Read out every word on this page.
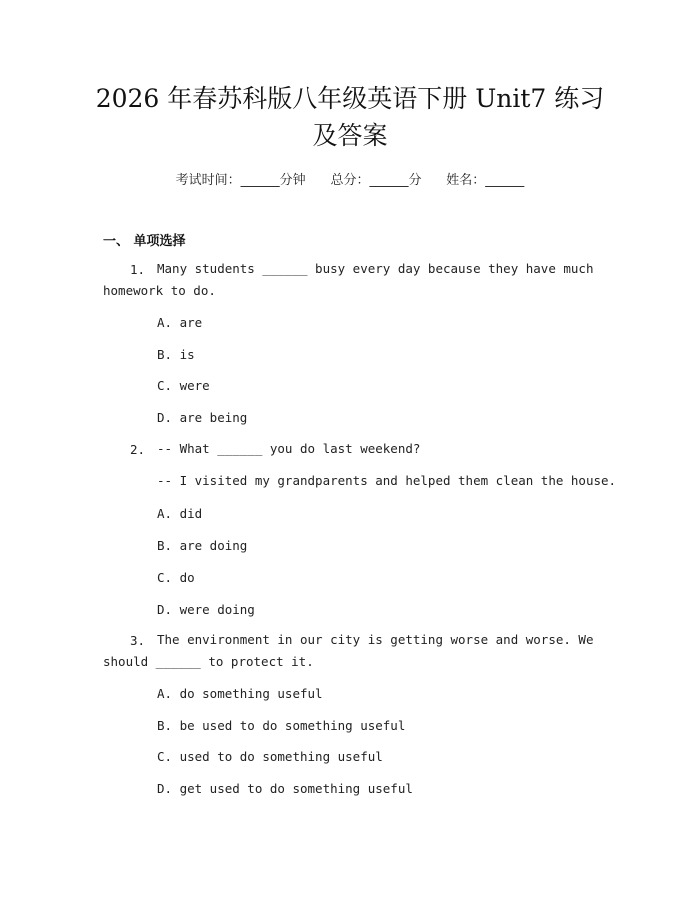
2026 年春苏科版八年级英语下册 Unit7 练习
及答案
考试时间：______分钟 总分：______分 姓名：______
一、 单项选择
1. Many students ______ busy every day because they have much
homework to do.
A. are
B. is
C. were
D. are being
2. -- What ______ you do last weekend?
-- I visited my grandparents and helped them clean the house.
A. did
B. are doing
C. do
D. were doing
3. The environment in our city is getting worse and worse. We
should ______ to protect it.
A. do something useful
B. be used to do something useful
C. used to do something useful
D. get used to do something useful
